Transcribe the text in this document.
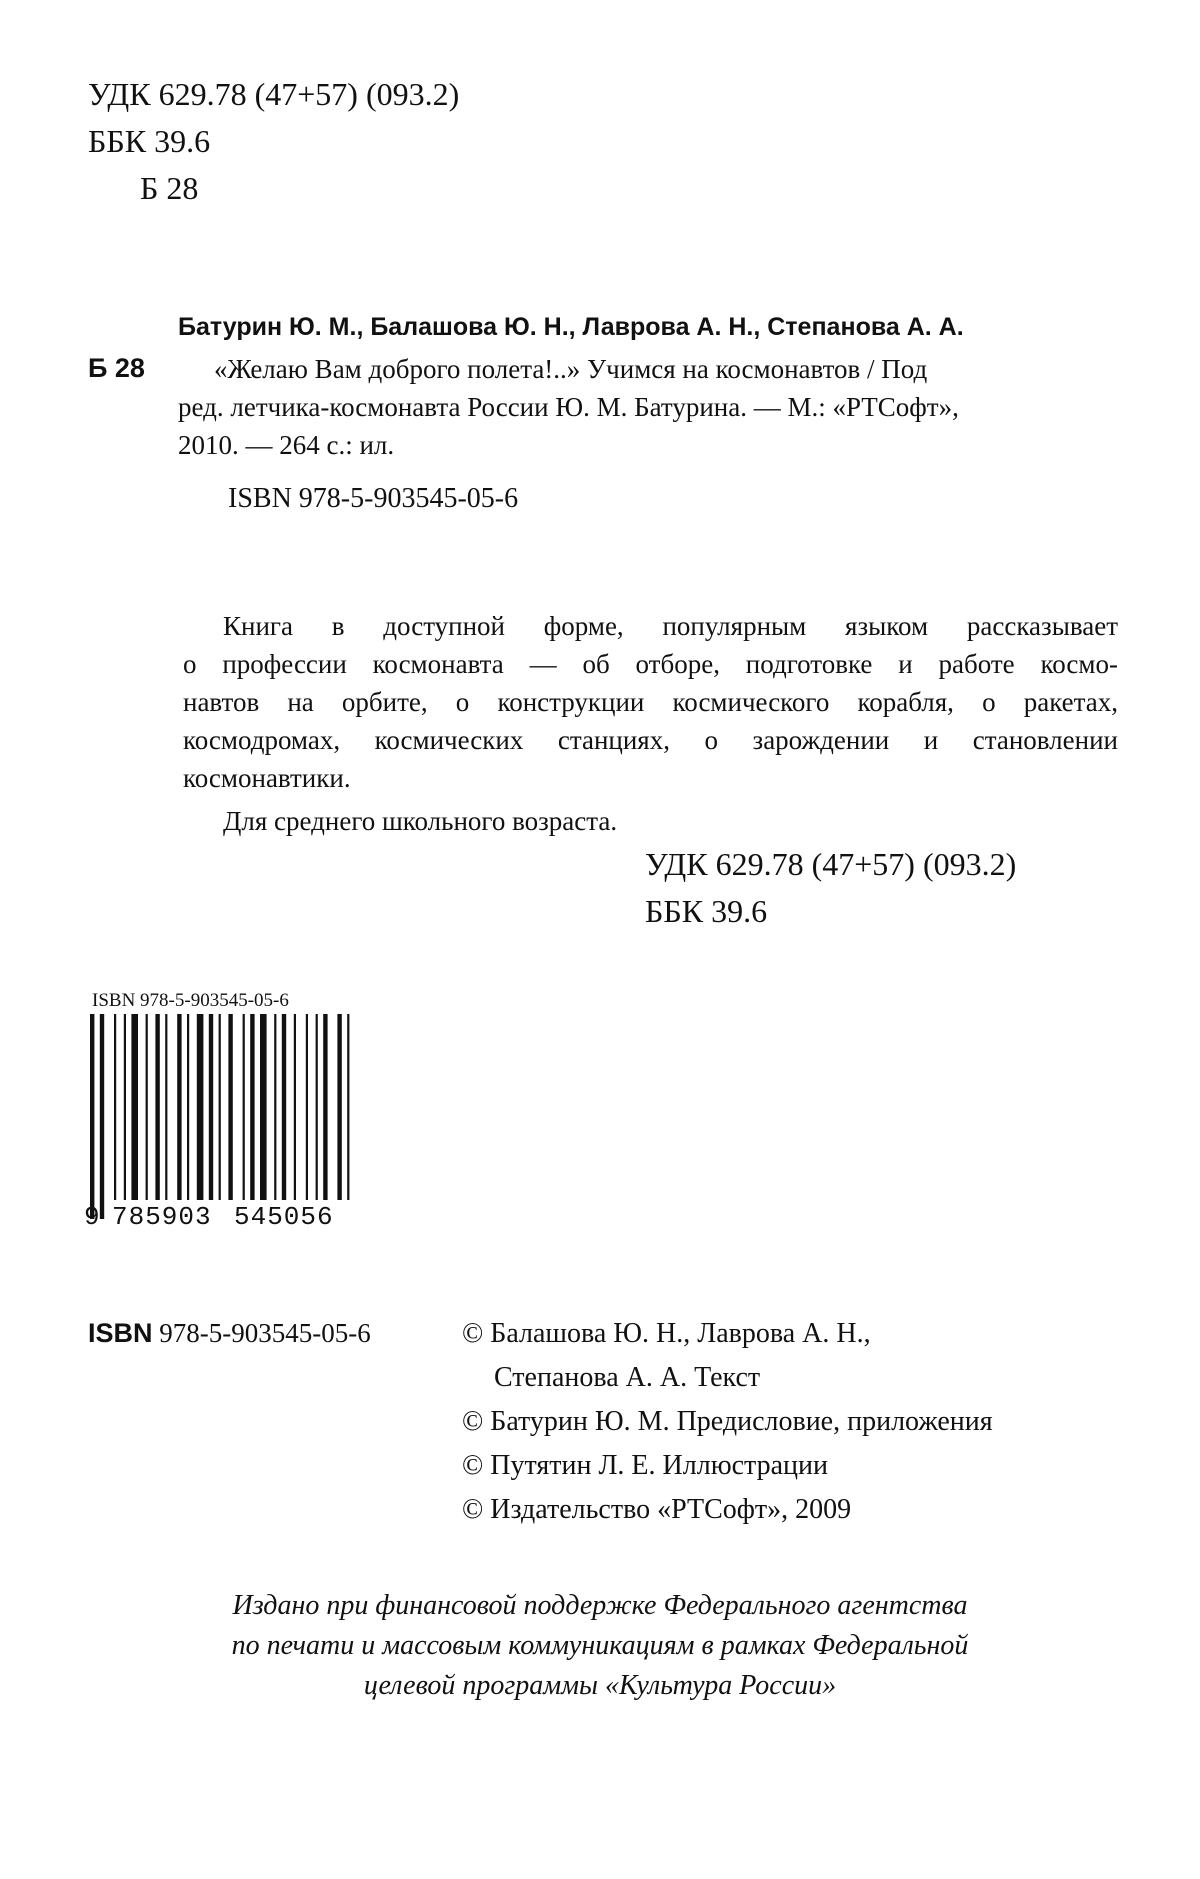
УДК 629.78 (47+57) (093.2)
ББК 39.6
Б 28
Батурин Ю. М., Балашова Ю. Н., Лаврова А. Н., Степанова А. А.
Б 28	«Желаю Вам доброго полета!..» Учимся на космонавтов / Под
ред. летчика-космонавта России Ю. М. Батурина. — М.: «РТСофт»,
2010. — 264 с.: ил.
ISBN 978-5-903545-05-6
Книга в доступной форме, популярным языком рассказывает
о профессии космонавта — об отборе, подготовке и работе космо-
навтов на орбите, о конструкции космического корабля, о ракетах,
космодромах, космических станциях, о зарождении и становлении
космонавтики.
Для среднего школьного возраста.
УДК 629.78 (47+57) (093.2)
ББК 39.6
ISBN 978-5-903545-05-6
9 785903 545056
ISBN 978-5-903545-05-6	© Балашова Ю. Н., Лаврова А. Н.,
Степанова А. А. Текст
© Батурин Ю. М. Предисловие, приложения
© Путятин Л. Е. Иллюстрации
© Издательство «РТСофт», 2009
Издано при финансовой поддержке Федерального агентства
по печати и массовым коммуникациям в рамках Федеральной
целевой программы «Культура России»
